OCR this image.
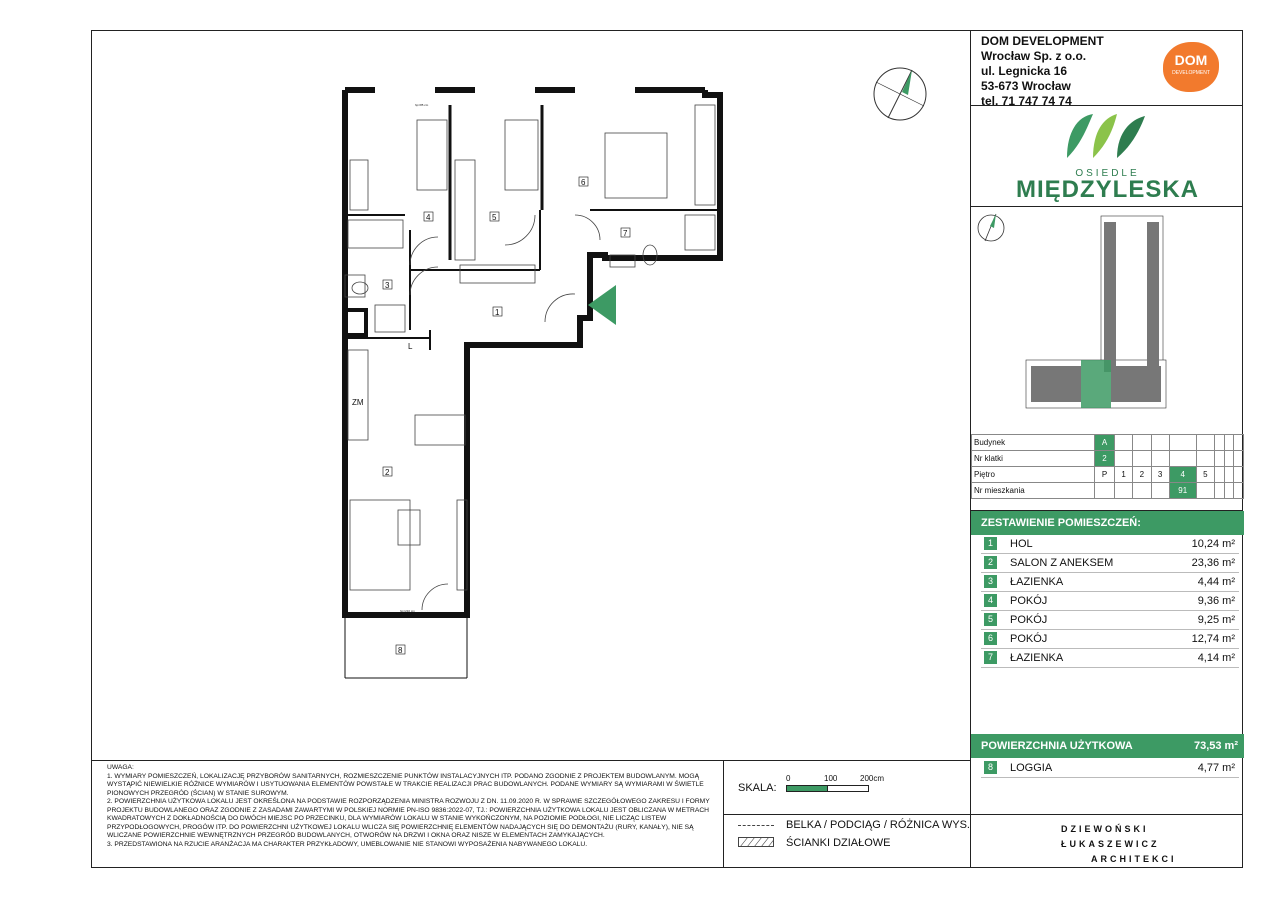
4	5
6
7
3
1
2
8
L
ZM
hp=85 cm
hp=210 cm
DOM DEVELOPMENT
Wrocław Sp. z o.o.
ul. Legnicka 16
53-673 Wrocław
tel. 71 747 74 74
DOM
DEVELOPMENT
OSIEDLE
MIĘDZYLESKA
Budynek	A								
Nr klatki	2								
Piętro	P	1	2	3	4	5			
Nr mieszkania					91				
ZESTAWIENIE POMIESZCZEŃ:
1	HOL	10,24 m²
2	SALON Z ANEKSEM	23,36 m²
3	ŁAZIENKA	4,44 m²
4	POKÓJ	9,36 m²
5	POKÓJ	9,25 m²
6	POKÓJ	12,74 m²
7	ŁAZIENKA	4,14 m²
POWIERZCHNIA UŻYTKOWA	73,53 m²
8	LOGGIA	4,77 m²
DZIEWOŃSKI
ŁUKASZEWICZ
ARCHITEKCI

UWAGA:

1. WYMIARY POMIESZCZEŃ, LOKALIZACJĘ PRZYBORÓW SANITARNYCH, ROZMIESZCZENIE PUNKTÓW INSTALACYJNYCH ITP. PODANO ZGODNIE Z PROJEKTEM BUDOWLANYM. MOGĄ WYSTĄPIĆ NIEWIELKIE RÓŻNICE WYMIARÓW I USYTUOWANIA ELEMENTÓW POWSTAŁE W TRAKCIE REALIZACJI PRAC BUDOWLANYCH. PODANE WYMIARY SĄ WYMIARAMI W ŚWIETLE PIONOWYCH PRZEGRÓD (ŚCIAN) W STANIE SUROWYM.

2. POWIERZCHNIA UŻYTKOWA LOKALU JEST OKREŚLONA NA PODSTAWIE ROZPORZĄDZENIA MINISTRA ROZWOJU Z DN. 11.09.2020 R. W SPRAWIE SZCZEGÓŁOWEGO ZAKRESU I FORMY PROJEKTU BUDOWLANEGO ORAZ ZGODNIE Z ZASADAMI ZAWARTYMI W POLSKIEJ NORMIE PN-ISO 9836:2022-07, TJ.: POWIERZCHNIA UŻYTKOWA LOKALU JEST OBLICZANA W METRACH KWADRATOWYCH Z DOKŁADNOŚCIĄ DO DWÓCH MIEJSC PO PRZECINKU, DLA WYMIARÓW LOKALU W STANIE WYKOŃCZONYM, NA POZIOMIE PODŁOGI, NIE LICZĄC LISTEW PRZYPODŁOGOWYCH, PROGÓW ITP. DO POWIERZCHNI UŻYTKOWEJ LOKALU WLICZA SIĘ POWIERZCHNIĘ ELEMENTÓW NADAJĄCYCH SIĘ DO DEMONTAŻU (RURY, KANAŁY), NIE SĄ WLICZANE POWIERZCHNIE WEWNĘTRZNYCH PRZEGRÓD BUDOWLANYCH, OTWORÓW NA DRZWI I OKNA ORAZ NISZE W ELEMENTACH ZAMYKAJĄCYCH.

3. PRZEDSTAWIONA NA RZUCIE ARANŻACJA MA CHARAKTER PRZYKŁADOWY, UMEBLOWANIE NIE STANOWI WYPOSAŻENIA NABYWANEGO LOKALU.

SKALA:
0	100	200cm
BELKA / PODCIĄG / RÓŻNICA WYS.
ŚCIANKI DZIAŁOWE
